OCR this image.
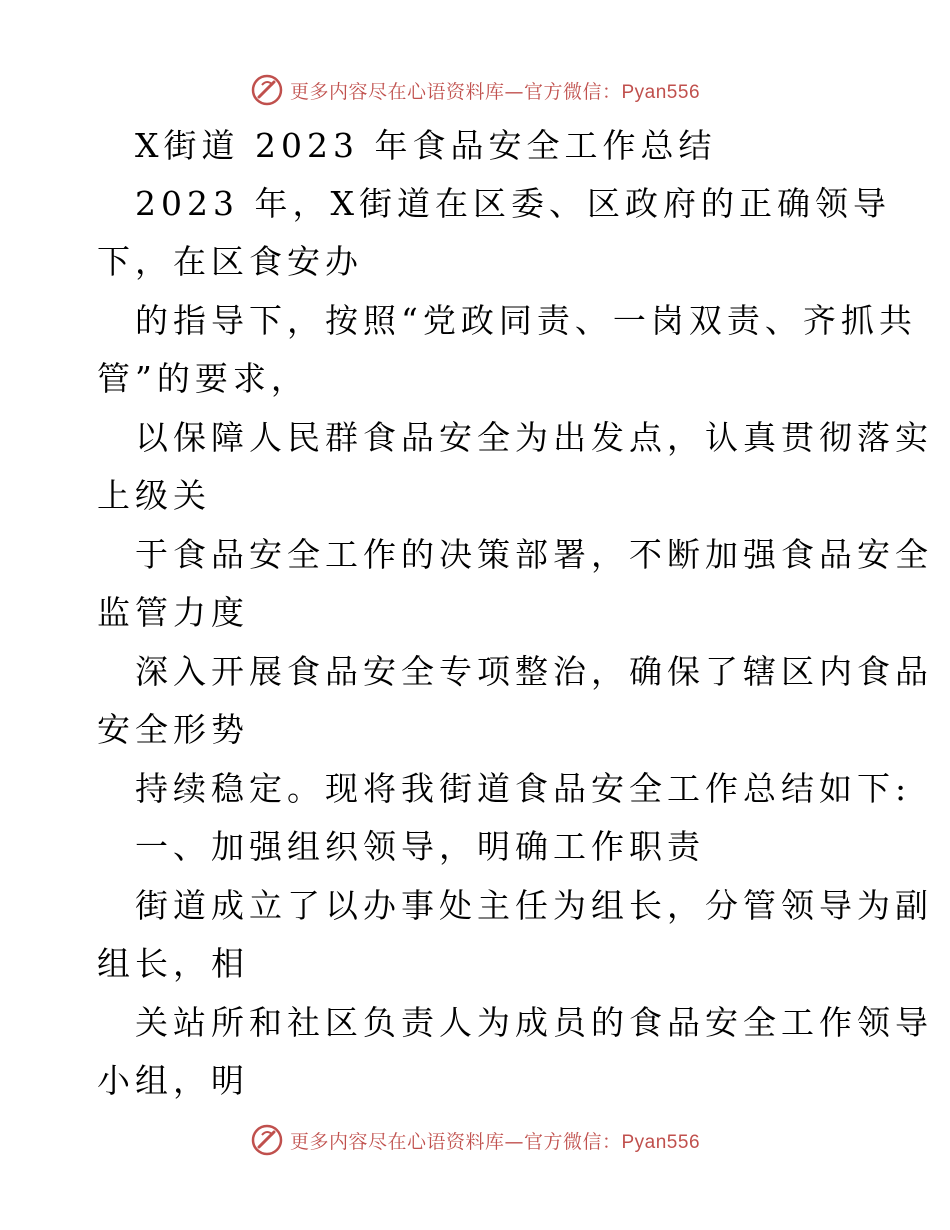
更多内容尽在心语资料库—官方微信：Pyan556
X街道 2023 年食品安全工作总结
2023 年，X街道在区委、区政府的正确领导
下，在区食安办
的指导下，按照“党政同责、一岗双责、齐抓共
管”的要求，
以保障人民群食品安全为出发点，认真贯彻落实
上级关
于食品安全工作的决策部署，不断加强食品安全
监管力度
深入开展食品安全专项整治，确保了辖区内食品
安全形势
持续稳定。现将我街道食品安全工作总结如下:
一、加强组织领导，明确工作职责
街道成立了以办事处主任为组长，分管领导为副
组长，相
关站所和社区负责人为成员的食品安全工作领导
小组，明
更多内容尽在心语资料库—官方微信：Pyan556
